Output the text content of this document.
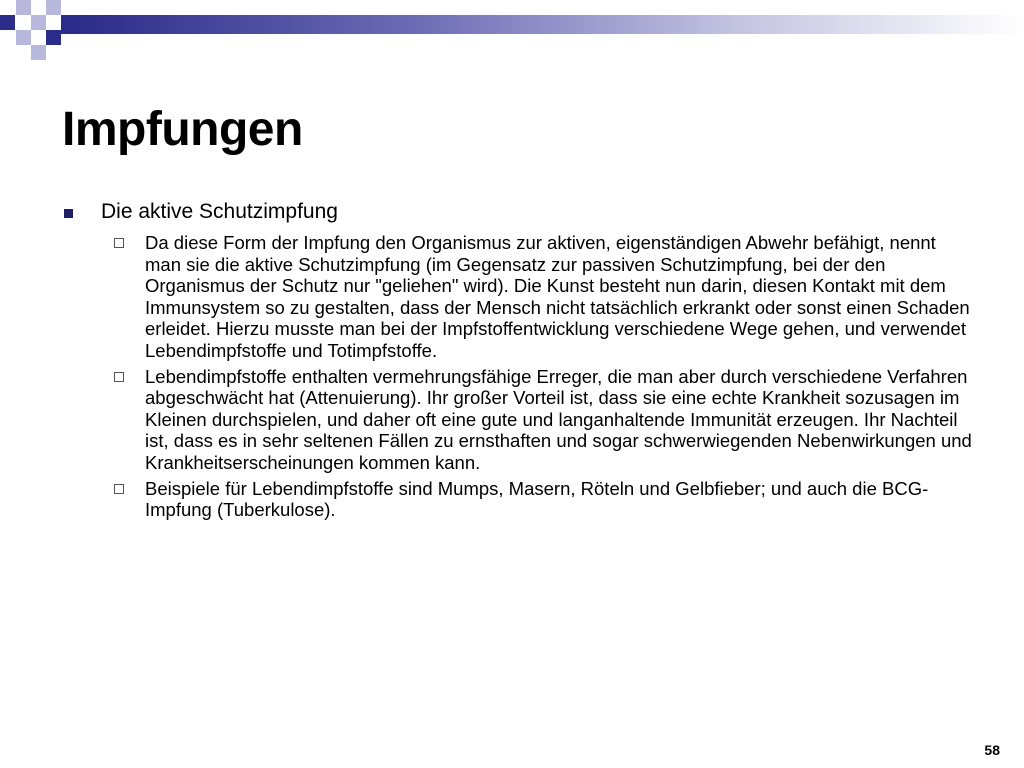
Impfungen
Die aktive Schutzimpfung
Da diese Form der Impfung den Organismus zur aktiven, eigenständigen Abwehr befähigt, nennt man sie die aktive Schutzimpfung (im Gegensatz zur passiven Schutzimpfung, bei der den Organismus der Schutz nur "geliehen" wird). Die Kunst besteht nun darin, diesen Kontakt mit dem Immunsystem so zu gestalten, dass der Mensch nicht tatsächlich erkrankt oder sonst einen Schaden erleidet. Hierzu musste man bei der Impfstoffentwicklung verschiedene Wege gehen, und verwendet Lebendimpfstoffe und Totimpfstoffe.
Lebendimpfstoffe enthalten vermehrungsfähige Erreger, die man aber durch verschiedene Verfahren abgeschwächt hat (Attenuierung). Ihr großer Vorteil ist, dass sie eine echte Krankheit sozusagen im Kleinen durchspielen, und daher oft eine gute und langanhaltende Immunität erzeugen. Ihr Nachteil ist, dass es in sehr seltenen Fällen zu ernsthaften und sogar schwerwiegenden Nebenwirkungen und Krankheitserscheinungen kommen kann.
Beispiele für Lebendimpfstoffe sind Mumps, Masern, Röteln und Gelbfieber; und auch die BCG-Impfung (Tuberkulose).
58
